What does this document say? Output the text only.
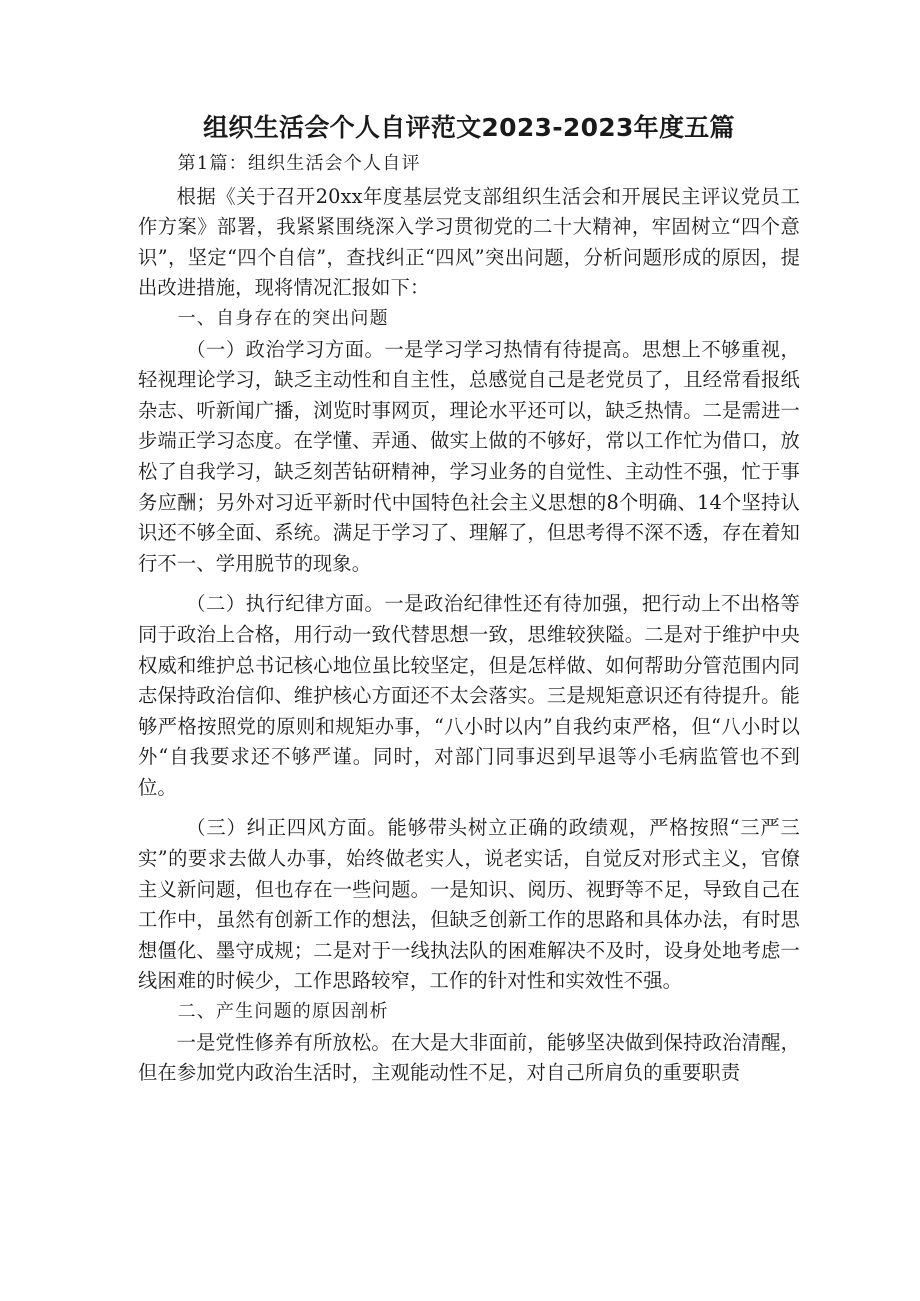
组织生活会个人自评范文2023-2023年度五篇

第1篇：组织生活会个人自评

根据《关于召开20xx年度基层党支部组织生活会和开展民主评议党员工作方案》部署，我紧紧围绕深入学习贯彻党的二十大精神，牢固树立“四个意识”，坚定“四个自信”，查找纠正“四风”突出问题，分析问题形成的原因，提出改进措施，现将情况汇报如下：

一、自身存在的突出问题

（一）政治学习方面。一是学习学习热情有待提高。思想上不够重视，轻视理论学习，缺乏主动性和自主性，总感觉自己是老党员了，且经常看报纸杂志、听新闻广播，浏览时事网页，理论水平还可以，缺乏热情。二是需进一步端正学习态度。在学懂、弄通、做实上做的不够好，常以工作忙为借口，放松了自我学习，缺乏刻苦钻研精神，学习业务的自觉性、主动性不强，忙于事务应酬；另外对习近平新时代中国特色社会主义思想的8个明确、14个坚持认识还不够全面、系统。满足于学习了、理解了，但思考得不深不透，存在着知行不一、学用脱节的现象。

（二）执行纪律方面。一是政治纪律性还有待加强，把行动上不出格等同于政治上合格，用行动一致代替思想一致，思维较狭隘。二是对于维护中央权威和维护总书记核心地位虽比较坚定，但是怎样做、如何帮助分管范围内同志保持政治信仰、维护核心方面还不太会落实。三是规矩意识还有待提升。能够严格按照党的原则和规矩办事，“八小时以内”自我约束严格，但“八小时以外“自我要求还不够严谨。同时，对部门同事迟到早退等小毛病监管也不到位。

（三）纠正四风方面。能够带头树立正确的政绩观，严格按照“三严三实”的要求去做人办事，始终做老实人，说老实话，自觉反对形式主义，官僚主义新问题，但也存在一些问题。一是知识、阅历、视野等不足，导致自己在工作中，虽然有创新工作的想法，但缺乏创新工作的思路和具体办法，有时思想僵化、墨守成规；二是对于一线执法队的困难解决不及时，设身处地考虑一线困难的时候少，工作思路较窄，工作的针对性和实效性不强。

二、产生问题的原因剖析

一是党性修养有所放松。在大是大非面前，能够坚决做到保持政治清醒，但在参加党内政治生活时，主观能动性不足，对自己所肩负的重要职责
